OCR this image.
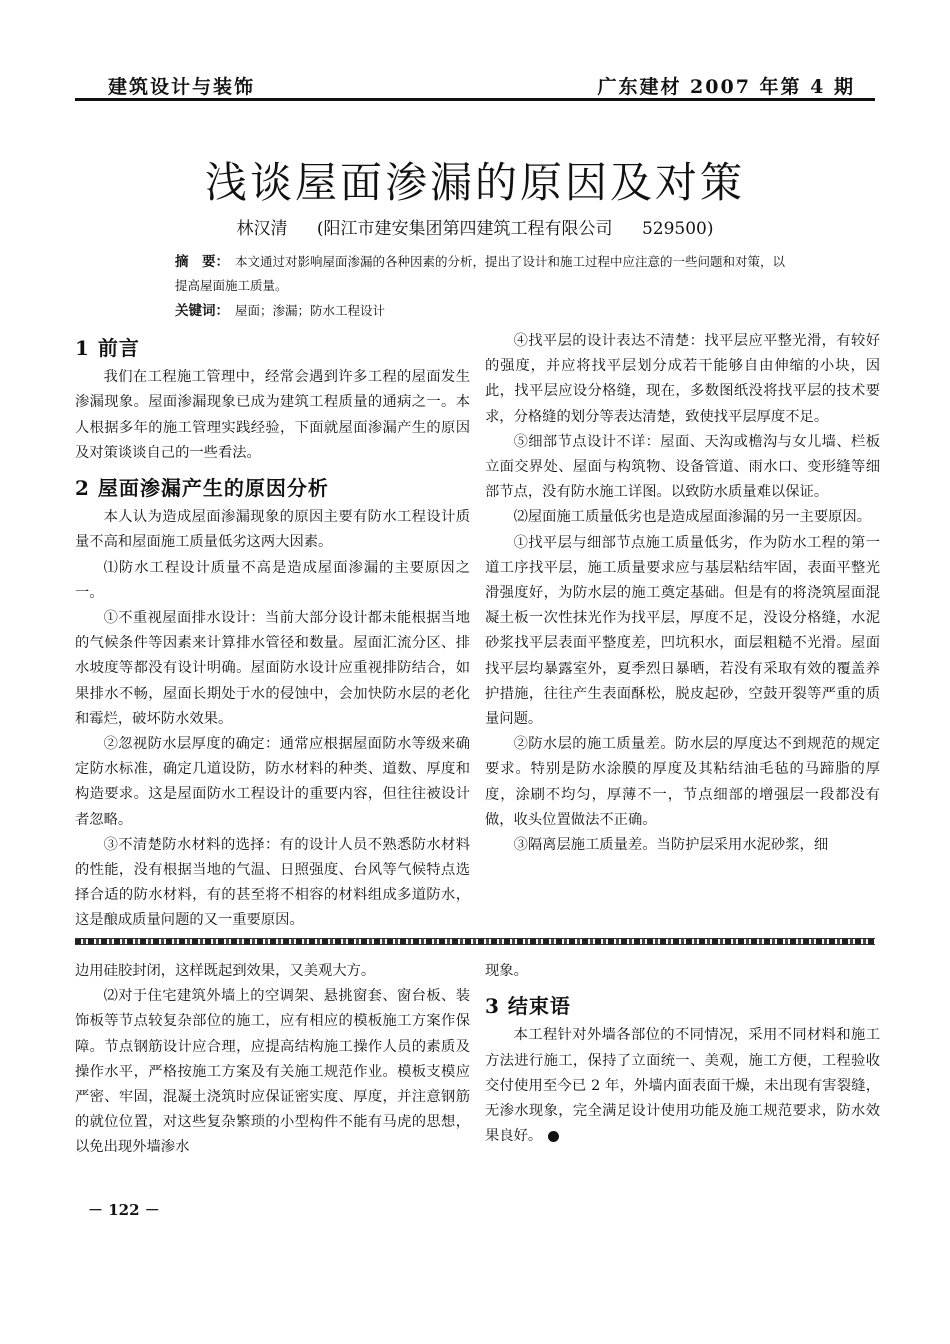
建筑设计与装饰	广东建材 2007 年第 4 期
浅谈屋面渗漏的原因及对策
林汉清 (阳江市建安集团第四建筑工程有限公司 529500)
摘　要： 本文通过对影响屋面渗漏的各种因素的分析，提出了设计和施工过程中应注意的一些问题和对策，以提高屋面施工质量。
关键词： 屋面；渗漏；防水工程设计
1 前言

我们在工程施工管理中，经常会遇到许多工程的屋面发生渗漏现象。屋面渗漏现象已成为建筑工程质量的通病之一。本人根据多年的施工管理实践经验，下面就屋面渗漏产生的原因及对策谈谈自己的一些看法。

2 屋面渗漏产生的原因分析

本人认为造成屋面渗漏现象的原因主要有防水工程设计质量不高和屋面施工质量低劣这两大因素。

⑴防水工程设计质量不高是造成屋面渗漏的主要原因之一。

①不重视屋面排水设计：当前大部分设计都未能根据当地的气候条件等因素来计算排水管径和数量。屋面汇流分区、排水坡度等都没有设计明确。屋面防水设计应重视排防结合，如果排水不畅，屋面长期处于水的侵蚀中，会加快防水层的老化和霉烂，破坏防水效果。

②忽视防水层厚度的确定：通常应根据屋面防水等级来确定防水标准，确定几道设防，防水材料的种类、道数、厚度和构造要求。这是屋面防水工程设计的重要内容，但往往被设计者忽略。

③不清楚防水材料的选择：有的设计人员不熟悉防水材料的性能，没有根据当地的气温、日照强度、台风等气候特点选择合适的防水材料，有的甚至将不相容的材料组成多道防水，这是酿成质量问题的又一重要原因。

④找平层的设计表达不清楚：找平层应平整光滑，有较好的强度，并应将找平层划分成若干能够自由伸缩的小块，因此，找平层应设分格缝，现在，多数图纸没将找平层的技术要求，分格缝的划分等表达清楚，致使找平层厚度不足。

⑤细部节点设计不详：屋面、天沟或檐沟与女儿墙、栏板立面交界处、屋面与构筑物、设备管道、雨水口、变形缝等细部节点，没有防水施工详图。以致防水质量难以保证。

⑵屋面施工质量低劣也是造成屋面渗漏的另一主要原因。

①找平层与细部节点施工质量低劣，作为防水工程的第一道工序找平层，施工质量要求应与基层粘结牢固，表面平整光滑强度好，为防水层的施工奠定基础。但是有的将浇筑屋面混凝土板一次性抹光作为找平层，厚度不足，没设分格缝，水泥砂浆找平层表面平整度差，凹坑积水，面层粗糙不光滑。屋面找平层均暴露室外，夏季烈日暴晒，若没有采取有效的覆盖养护措施，往往产生表面酥松，脱皮起砂，空鼓开裂等严重的质量问题。

②防水层的施工质量差。防水层的厚度达不到规范的规定要求。特别是防水涂膜的厚度及其粘结油毛毡的马蹄脂的厚度，涂刷不均匀，厚薄不一，节点细部的增强层一段都没有做，收头位置做法不正确。

③隔离层施工质量差。当防护层采用水泥砂浆，细

边用硅胶封闭，这样既起到效果，又美观大方。

⑵对于住宅建筑外墙上的空调架、悬挑窗套、窗台板、装饰板等节点较复杂部位的施工，应有相应的模板施工方案作保障。节点钢筋设计应合理，应提高结构施工操作人员的素质及操作水平，严格按施工方案及有关施工规范作业。模板支模应严密、牢固，混凝土浇筑时应保证密实度、厚度，并注意钢筋的就位位置，对这些复杂繁琐的小型构件不能有马虎的思想，以免出现外墙渗水

现象。

3 结束语

本工程针对外墙各部位的不同情况，采用不同材料和施工方法进行施工，保持了立面统一、美观，施工方便，工程验收交付使用至今已 2 年，外墙内面表面干燥，未出现有害裂缝，无渗水现象，完全满足设计使用功能及施工规范要求，防水效果良好。

－ 122 －
